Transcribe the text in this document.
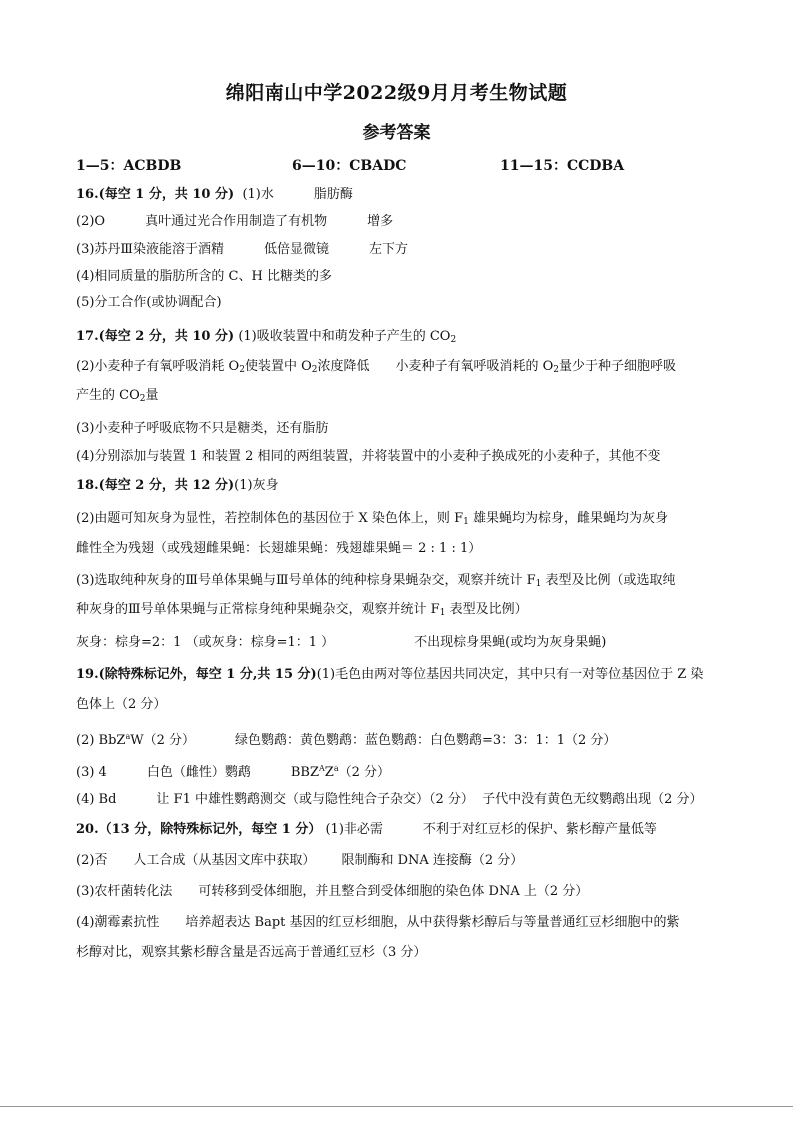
绵阳南山中学2022级9月月考生物试题
参考答案
1—5：ACBDB	6—10：CBADC	11—15：CCDBA
16.(每空 1 分，共 10 分) (1)水	脂肪酶
(2)O	真叶通过光合作用制造了有机物	增多
(3)苏丹Ⅲ染液能溶于酒精	低倍显微镜	左下方
(4)相同质量的脂肪所含的 C、H 比糖类的多
(5)分工合作(或协调配合)
17.(每空 2 分，共 10 分) (1)吸收装置中和萌发种子产生的 $CO_2$
(2)小麦种子有氧呼吸消耗 $O_2$使装置中 $O_2$浓度降低 小麦种子有氧呼吸消耗的 $O_2$量少于种子细胞呼吸
产生的 $CO_2$量
(3)小麦种子呼吸底物不只是糖类，还有脂肪
(4)分别添加与装置 1 和装置 2 相同的两组装置，并将装置中的小麦种子换成死的小麦种子，其他不变
18.(每空 2 分，共 12 分)(1)灰身
(2)由题可知灰身为显性，若控制体色的基因位于 X 染色体上，则 $F_1$ 雄果蝇均为棕身，雌果蝇均为灰身
雌性全为残翅（或残翅雌果蝇：长翅雄果蝇：残翅雄果蝇＝ 2 : 1 : 1）
(3)选取纯种灰身的Ⅲ号单体果蝇与Ⅲ号单体的纯种棕身果蝇杂交，观察并统计 $F_1$ 表型及比例（或选取纯
种灰身的Ⅲ号单体果蝇与正常棕身纯种果蝇杂交，观察并统计 $F_1$ 表型及比例）
灰身：棕身=2：1 （或灰身：棕身=1：1 ）	不出现棕身果蝇(或均为灰身果蝇)
19.(除特殊标记外，每空 1 分,共 15 分)(1)毛色由两对等位基因共同决定，其中只有一对等位基因位于 Z 染
色体上（2 分）
(2) BbZ$^a$W（2 分）	绿色鹦鹉：黄色鹦鹉：蓝色鹦鹉：白色鹦鹉=3：3：1：1（2 分）
(3) 4	白色（雌性）鹦鹉	$BBZ^AZ^a(2$ 分）
(4) Bd	让 F1 中雄性鹦鹉测交（或与隐性纯合子杂交）（2 分） 子代中没有黄色无纹鹦鹉出现（2 分）
20.（13 分，除特殊标记外，每空 1 分） (1)非必需	不利于对红豆杉的保护、紫杉醇产量低等
(2)否 人工合成（从基因文库中获取） 限制酶和 DNA 连接酶（2 分）
(3)农杆菌转化法 可转移到受体细胞，并且整合到受体细胞的染色体 DNA 上（2 分）
(4)潮霉素抗性 培养超表达 Bapt 基因的红豆杉细胞，从中获得紫杉醇后与等量普通红豆杉细胞中的紫
杉醇对比，观察其紫杉醇含量是否远高于普通红豆杉（3 分）
